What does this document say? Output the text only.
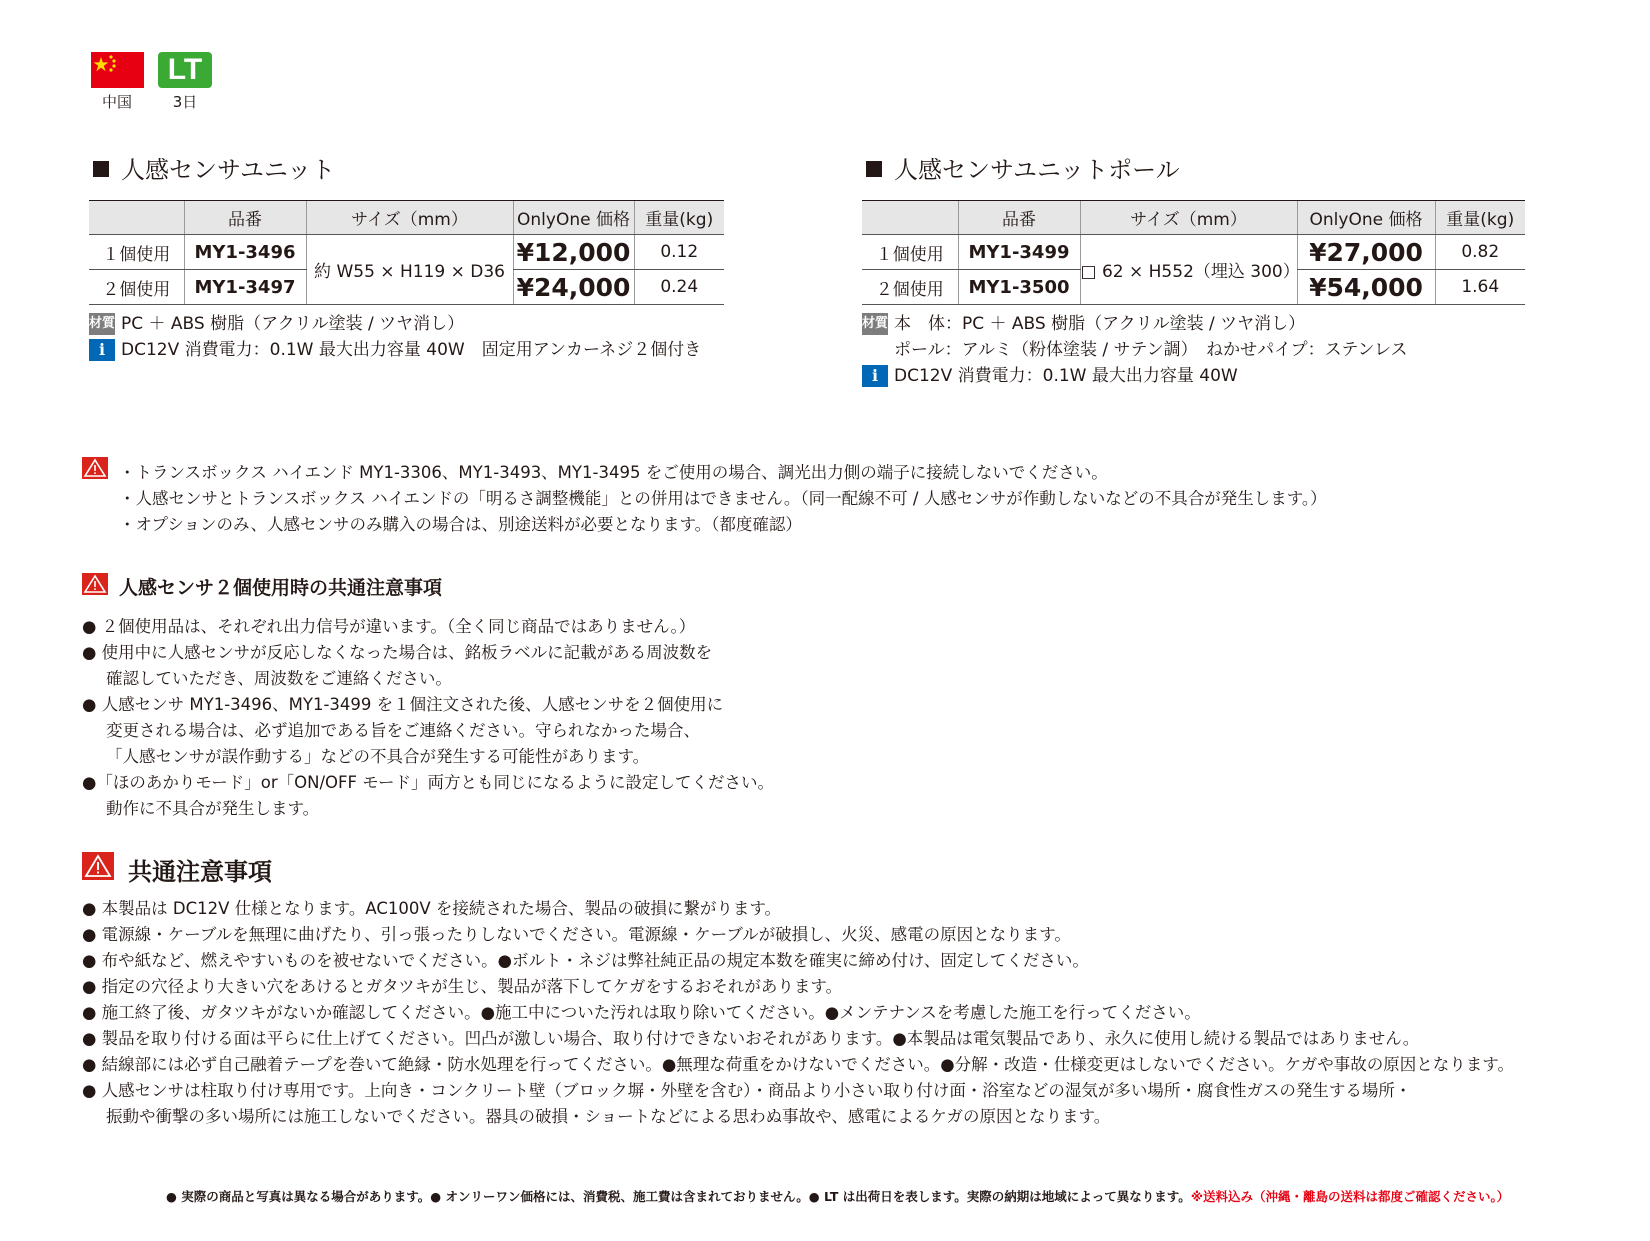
中国
LT
3日
人感センサユニット
	品番	サイズ（mm）	OnlyOne 価格	重量(kg)
１個使用	MY1-3496	約 W55 × H119 × D36	¥12,000	0.12
２個使用	MY1-3497		¥24,000	0.24
材質 PC ＋ ABS 樹脂（アクリル塗装 / ツヤ消し）
i DC12V 消費電力：0.1W 最大出力容量 40W　固定用アンカーネジ２個付き
人感センサユニットポール
	品番	サイズ（mm）	OnlyOne 価格	重量(kg)
１個使用	MY1-3499	□ 62 × H552（埋込 300）	¥27,000	0.82
２個使用	MY1-3500		¥54,000	1.64
材質 本　体：PC ＋ ABS 樹脂（アクリル塗装 / ツヤ消し）
ポール：アルミ（粉体塗装 / サテン調）　ねかせパイプ：ステンレス
i DC12V 消費電力：0.1W 最大出力容量 40W
・トランスボックス ハイエンド MY1-3306、MY1-3493、MY1-3495 をご使用の場合、調光出力側の端子に接続しないでください。
・人感センサとトランスボックス ハイエンドの「明るさ調整機能」との併用はできません。（同一配線不可 / 人感センサが作動しないなどの不具合が発生します。）
・オプションのみ、人感センサのみ購入の場合は、別途送料が必要となります。（都度確認）
人感センサ２個使用時の共通注意事項
● ２個使用品は、それぞれ出力信号が違います。（全く同じ商品ではありません。）
● 使用中に人感センサが反応しなくなった場合は、銘板ラベルに記載がある周波数を
確認していただき、周波数をご連絡ください。
● 人感センサ MY1-3496、MY1-3499 を１個注文された後、人感センサを２個使用に
変更される場合は、必ず追加である旨をご連絡ください。守られなかった場合、
「人感センサが誤作動する」などの不具合が発生する可能性があります。
●「ほのあかりモード」or「ON/OFF モード」両方とも同じになるように設定してください。
動作に不具合が発生します。
共通注意事項
● 本製品は DC12V 仕様となります。AC100V を接続された場合、製品の破損に繋がります。
● 電源線・ケーブルを無理に曲げたり、引っ張ったりしないでください。電源線・ケーブルが破損し、火災、感電の原因となります。
● 布や紙など、燃えやすいものを被せないでください。●ボルト・ネジは弊社純正品の規定本数を確実に締め付け、固定してください。
● 指定の穴径より大きい穴をあけるとガタツキが生じ、製品が落下してケガをするおそれがあります。
● 施工終了後、ガタツキがないか確認してください。●施工中についた汚れは取り除いてください。●メンテナンスを考慮した施工を行ってください。
● 製品を取り付ける面は平らに仕上げてください。凹凸が激しい場合、取り付けできないおそれがあります。●本製品は電気製品であり、永久に使用し続ける製品ではありません。
● 結線部には必ず自己融着テープを巻いて絶縁・防水処理を行ってください。●無理な荷重をかけないでください。●分解・改造・仕様変更はしないでください。ケガや事故の原因となります。
● 人感センサは柱取り付け専用です。上向き・コンクリート壁（ブロック塀・外壁を含む）・商品より小さい取り付け面・浴室などの湿気が多い場所・腐食性ガスの発生する場所・
振動や衝撃の多い場所には施工しないでください。器具の破損・ショートなどによる思わぬ事故や、感電によるケガの原因となります。
● 実際の商品と写真は異なる場合があります。● オンリーワン価格には、消費税、施工費は含まれておりません。● LT は出荷日を表します。実際の納期は地域によって異なります。※送料込み（沖縄・離島の送料は都度ご確認ください。）
